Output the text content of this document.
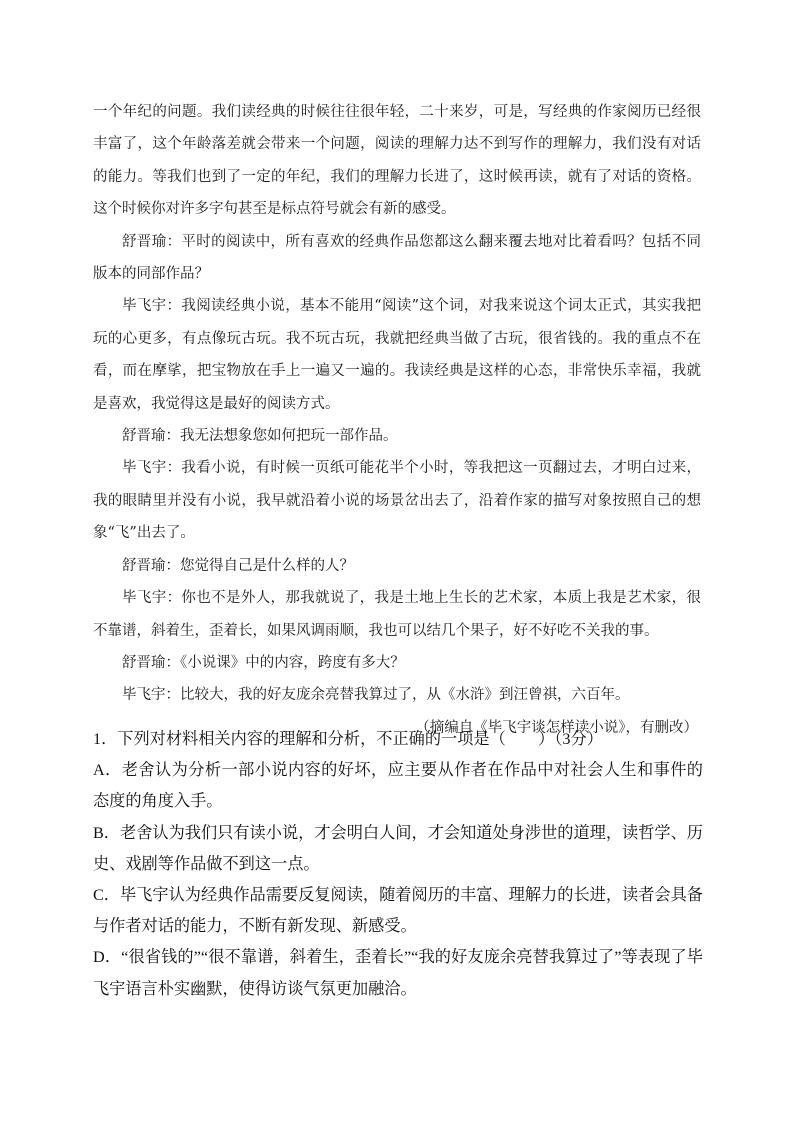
一个年纪的问题。我们读经典的时候往往很年轻，二十来岁，可是，写经典的作家阅历已经很丰富了，这个年龄落差就会带来一个问题，阅读的理解力达不到写作的理解力，我们没有对话的能力。等我们也到了一定的年纪，我们的理解力长进了，这时候再读，就有了对话的资格。这个时候你对许多字句甚至是标点符号就会有新的感受。

舒晋瑜：平时的阅读中，所有喜欢的经典作品您都这么翻来覆去地对比着看吗？包括不同版本的同部作品？

毕飞宇：我阅读经典小说，基本不能用“阅读”这个词，对我来说这个词太正式，其实我把玩的心更多，有点像玩古玩。我不玩古玩，我就把经典当做了古玩，很省钱的。我的重点不在看，而在摩挲，把宝物放在手上一遍又一遍的。我读经典是这样的心态，非常快乐幸福，我就是喜欢，我觉得这是最好的阅读方式。

舒晋瑜：我无法想象您如何把玩一部作品。

毕飞宇：我看小说，有时候一页纸可能花半个小时，等我把这一页翻过去，才明白过来，我的眼睛里并没有小说，我早就沿着小说的场景岔出去了，沿着作家的描写对象按照自己的想象“飞”出去了。

舒晋瑜：您觉得自己是什么样的人？

毕飞宇：你也不是外人，那我就说了，我是土地上生长的艺术家，本质上我是艺术家，很不靠谱，斜着生，歪着长，如果风调雨顺，我也可以结几个果子，好不好吃不关我的事。

舒晋瑜：《小说课》中的内容，跨度有多大？

毕飞宇：比较大，我的好友庞余亮替我算过了，从《水浒》到汪曾祺，六百年。

（摘编自《毕飞宇谈怎样读小说》，有删改）

1．下列对材料相关内容的理解和分析，不正确的一项是（　　）（3分）

A．老舍认为分析一部小说内容的好坏，应主要从作者在作品中对社会人生和事件的态度的角度入手。

B．老舍认为我们只有读小说，才会明白人间，才会知道处身涉世的道理，读哲学、历史、戏剧等作品做不到这一点。

C．毕飞宇认为经典作品需要反复阅读，随着阅历的丰富、理解力的长进，读者会具备与作者对话的能力，不断有新发现、新感受。

D．“很省钱的”“很不靠谱，斜着生，歪着长”“我的好友庞余亮替我算过了”等表现了毕飞宇语言朴实幽默，使得访谈气氛更加融洽。
